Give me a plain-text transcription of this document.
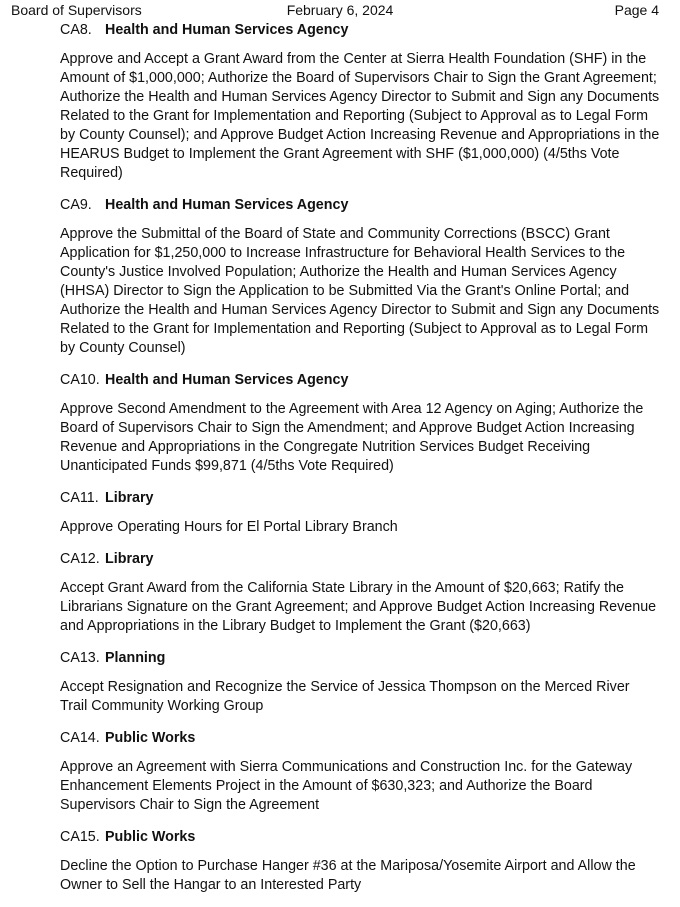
Board of Supervisors	February 6, 2024	Page 4
CA8. Health and Human Services Agency
Approve and Accept a Grant Award from the Center at Sierra Health Foundation (SHF) in the Amount of $1,000,000; Authorize the Board of Supervisors Chair to Sign the Grant Agreement; Authorize the Health and Human Services Agency Director to Submit and Sign any Documents Related to the Grant for Implementation and Reporting (Subject to Approval as to Legal Form by County Counsel); and Approve Budget Action Increasing Revenue and Appropriations in the HEARUS Budget to Implement the Grant Agreement with SHF ($1,000,000) (4/5ths Vote Required)
CA9. Health and Human Services Agency
Approve the Submittal of the Board of State and Community Corrections (BSCC) Grant Application for $1,250,000 to Increase Infrastructure for Behavioral Health Services to the County's Justice Involved Population; Authorize the Health and Human Services Agency (HHSA) Director to Sign the Application to be Submitted Via the Grant's Online Portal; and Authorize the Health and Human Services Agency Director to Submit and Sign any Documents Related to the Grant for Implementation and Reporting (Subject to Approval as to Legal Form by County Counsel)
CA10. Health and Human Services Agency
Approve Second Amendment to the Agreement with Area 12 Agency on Aging; Authorize the Board of Supervisors Chair to Sign the Amendment; and Approve Budget Action Increasing Revenue and Appropriations in the Congregate Nutrition Services Budget Receiving Unanticipated Funds $99,871 (4/5ths Vote Required)
CA11. Library
Approve Operating Hours for El Portal Library Branch
CA12. Library
Accept Grant Award from the California State Library in the Amount of $20,663; Ratify the Librarians Signature on the Grant Agreement; and Approve Budget Action Increasing Revenue and Appropriations in the Library Budget to Implement the Grant ($20,663)
CA13. Planning
Accept Resignation and Recognize the Service of Jessica Thompson on the Merced River Trail Community Working Group
CA14. Public Works
Approve an Agreement with Sierra Communications and Construction Inc. for the Gateway Enhancement Elements Project in the Amount of $630,323; and Authorize the Board Supervisors Chair to Sign the Agreement
CA15. Public Works
Decline the Option to Purchase Hanger #36 at the Mariposa/Yosemite Airport and Allow the Owner to Sell the Hangar to an Interested Party
